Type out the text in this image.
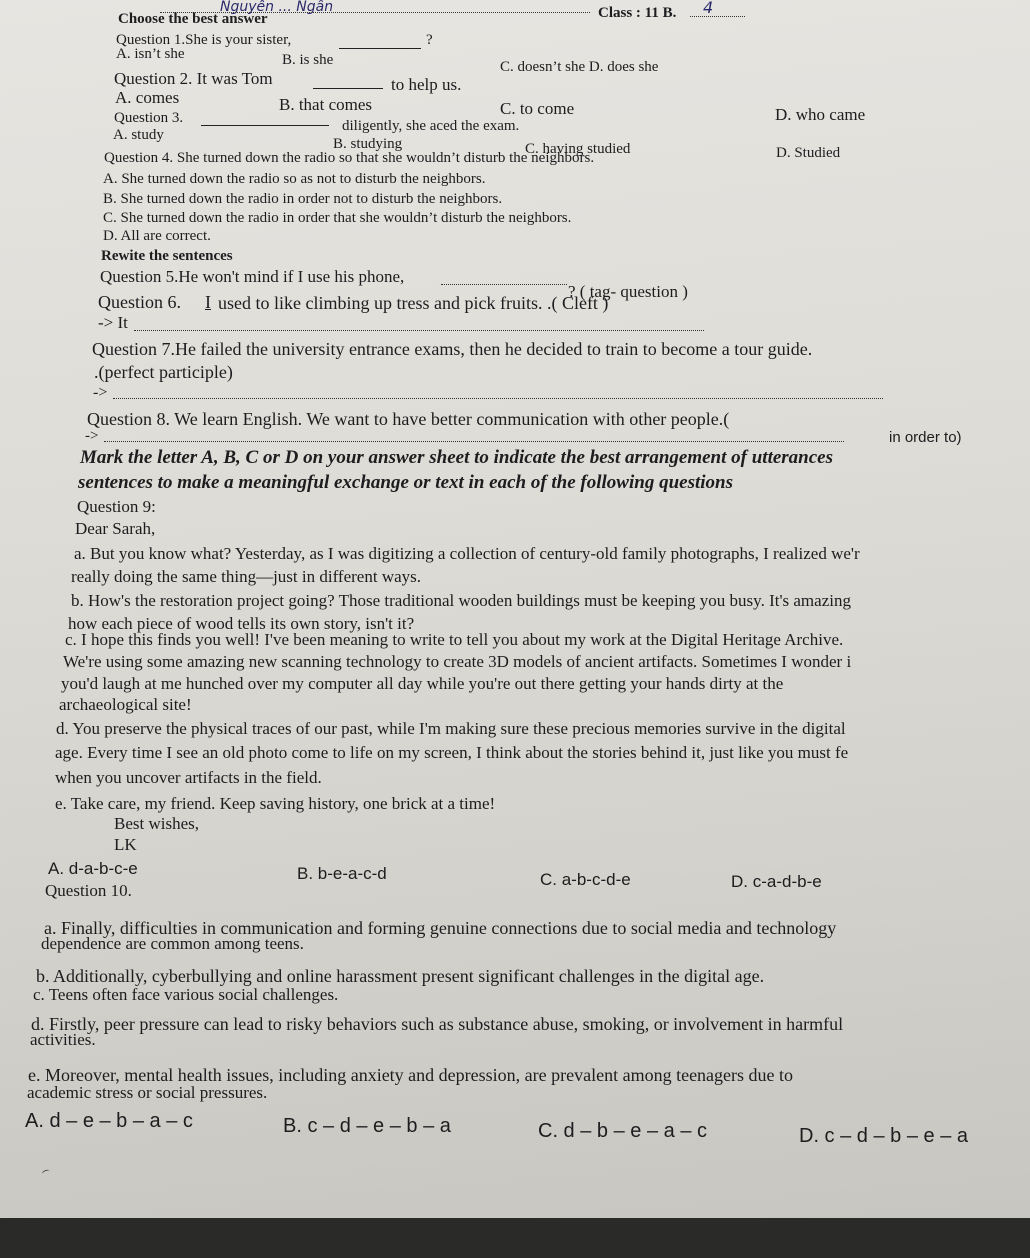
Nguyễn ... Ngân	Class : 11 B. 4
Choose the best answer
Question 1.She is your sister,	?
A. isn’t she	B. is she	C. doesn’t she D. does she
Question 2. It was Tom	to help us.
A. comes	B. that comes	C. to come	D. who came
Question 3.	diligently, she aced the exam.
A. study
B. studying	C. having studied	D. Studied
Question 4. She turned down the radio so that she wouldn’t disturb the neighbors.
A. She turned down the radio so as not to disturb the neighbors.
B. She turned down the radio in order not to disturb the neighbors.
C. She turned down the radio in order that she wouldn’t disturb the neighbors.
D. All are correct.
Rewite the sentences
Question 5.He won't mind if I use his phone,
? ( tag- question )
Question 6. I used to like climbing up tress and pick fruits. .( Cleft )
-> It
Question 7.He failed the university entrance exams, then he decided to train to become a tour guide.
.(perfect participle)
->
Question 8. We learn English. We want to have better communication with other people.(
in order to)
->
Mark the letter A, B, C or D on your answer sheet to indicate the best arrangement of utterances
sentences to make a meaningful exchange or text in each of the following questions
Question 9:
Dear Sarah,
a. But you know what? Yesterday, as I was digitizing a collection of century-old family photographs, I realized we'r
really doing the same thing—just in different ways.
b. How's the restoration project going? Those traditional wooden buildings must be keeping you busy. It's amazing
how each piece of wood tells its own story, isn't it?
c. I hope this finds you well! I've been meaning to write to tell you about my work at the Digital Heritage Archive.
We're using some amazing new scanning technology to create 3D models of ancient artifacts. Sometimes I wonder i
you'd laugh at me hunched over my computer all day while you're out there getting your hands dirty at the
archaeological site!
d. You preserve the physical traces of our past, while I'm making sure these precious memories survive in the digital
age. Every time I see an old photo come to life on my screen, I think about the stories behind it, just like you must fe
when you uncover artifacts in the field.
e. Take care, my friend. Keep saving history, one brick at a time!
Best wishes,
LK
A. d-a-b-c-e	B. b-e-a-c-d	C. a-b-c-d-e	D. c-a-d-b-e
Question 10.
a. Finally, difficulties in communication and forming genuine connections due to social media and technology
dependence are common among teens.
b. Additionally, cyberbullying and online harassment present significant challenges in the digital age.
c. Teens often face various social challenges.
d. Firstly, peer pressure can lead to risky behaviors such as substance abuse, smoking, or involvement in harmful
activities.
e. Moreover, mental health issues, including anxiety and depression, are prevalent among teenagers due to
academic stress or social pressures.
A. d – e – b – a – c	B. c – d – e – b – a	C. d – b – e – a – c	D. c – d – b – e – a
